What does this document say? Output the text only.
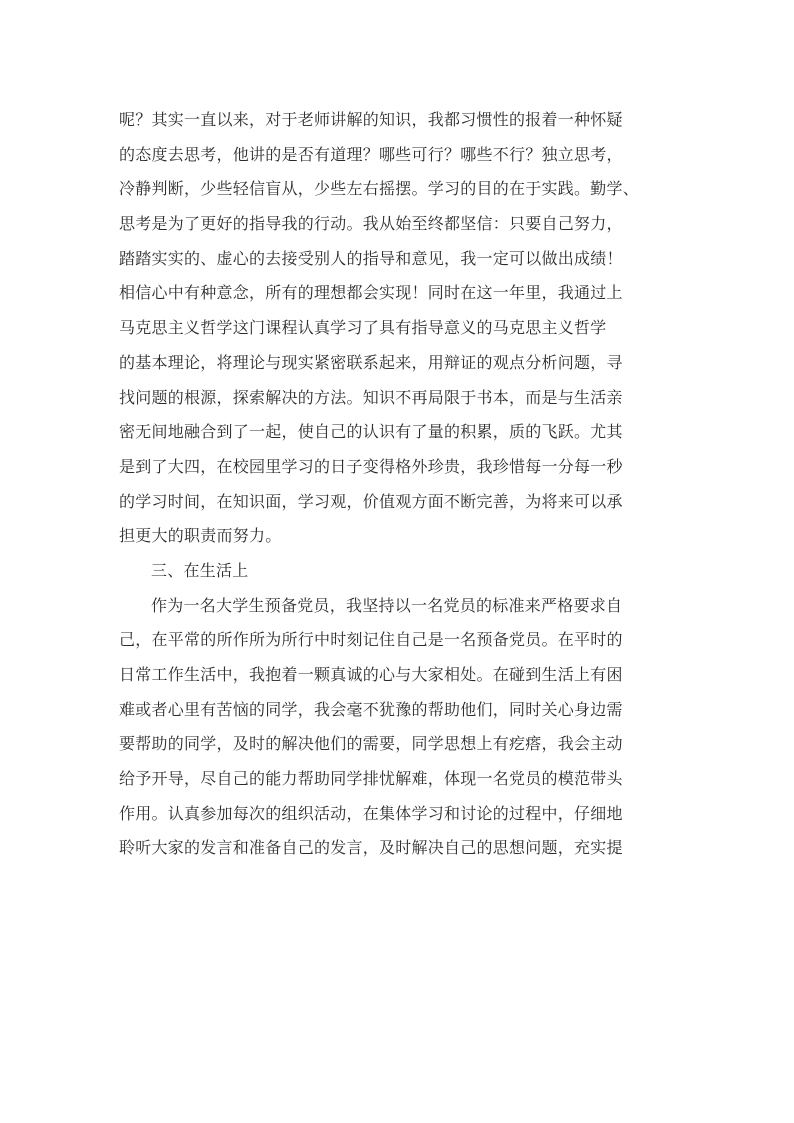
呢？其实一直以来，对于老师讲解的知识，我都习惯性的报着一种怀疑
的态度去思考，他讲的是否有道理？哪些可行？哪些不行？独立思考，
冷静判断，少些轻信盲从，少些左右摇摆。学习的目的在于实践。勤学、
思考是为了更好的指导我的行动。我从始至终都坚信：只要自己努力，
踏踏实实的、虚心的去接受别人的指导和意见，我一定可以做出成绩！
相信心中有种意念，所有的理想都会实现！同时在这一年里，我通过上
马克思主义哲学这门课程认真学习了具有指导意义的马克思主义哲学
的基本理论，将理论与现实紧密联系起来，用辩证的观点分析问题，寻
找问题的根源，探索解决的方法。知识不再局限于书本，而是与生活亲
密无间地融合到了一起，使自己的认识有了量的积累，质的飞跃。尤其
是到了大四，在校园里学习的日子变得格外珍贵，我珍惜每一分每一秒
的学习时间，在知识面，学习观，价值观方面不断完善，为将来可以承
担更大的职责而努力。
三、在生活上
作为一名大学生预备党员，我坚持以一名党员的标准来严格要求自
己，在平常的所作所为所行中时刻记住自己是一名预备党员。在平时的
日常工作生活中，我抱着一颗真诚的心与大家相处。在碰到生活上有困
难或者心里有苦恼的同学，我会毫不犹豫的帮助他们，同时关心身边需
要帮助的同学，及时的解决他们的需要，同学思想上有疙瘩，我会主动
给予开导，尽自己的能力帮助同学排忧解难，体现一名党员的模范带头
作用。认真参加每次的组织活动，在集体学习和讨论的过程中，仔细地
聆听大家的发言和准备自己的发言，及时解决自己的思想问题，充实提
